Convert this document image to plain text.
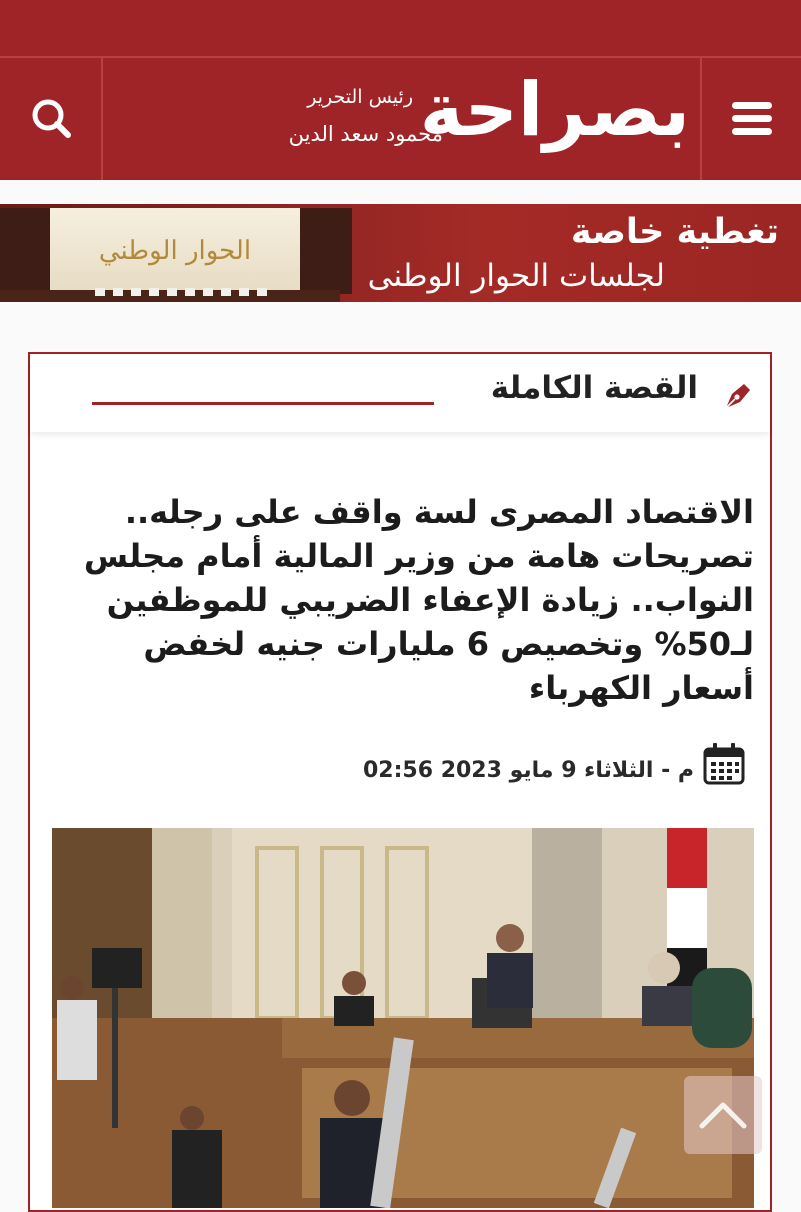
بصراحة
رئيس التحرير
محمود سعد الدين
الحوار الوطني	تغطية خاصة
لجلسات الحوار الوطنى
القصة الكاملة
الاقتصاد المصرى لسة واقف على رجله.. تصريحات هامة من وزير المالية أمام مجلس النواب.. زيادة الإعفاء الضريبي للموظفين لـ50% وتخصيص 6 مليارات جنيه لخفض أسعار الكهرباء
02:56 م - الثلاثاء 9 مايو 2023
